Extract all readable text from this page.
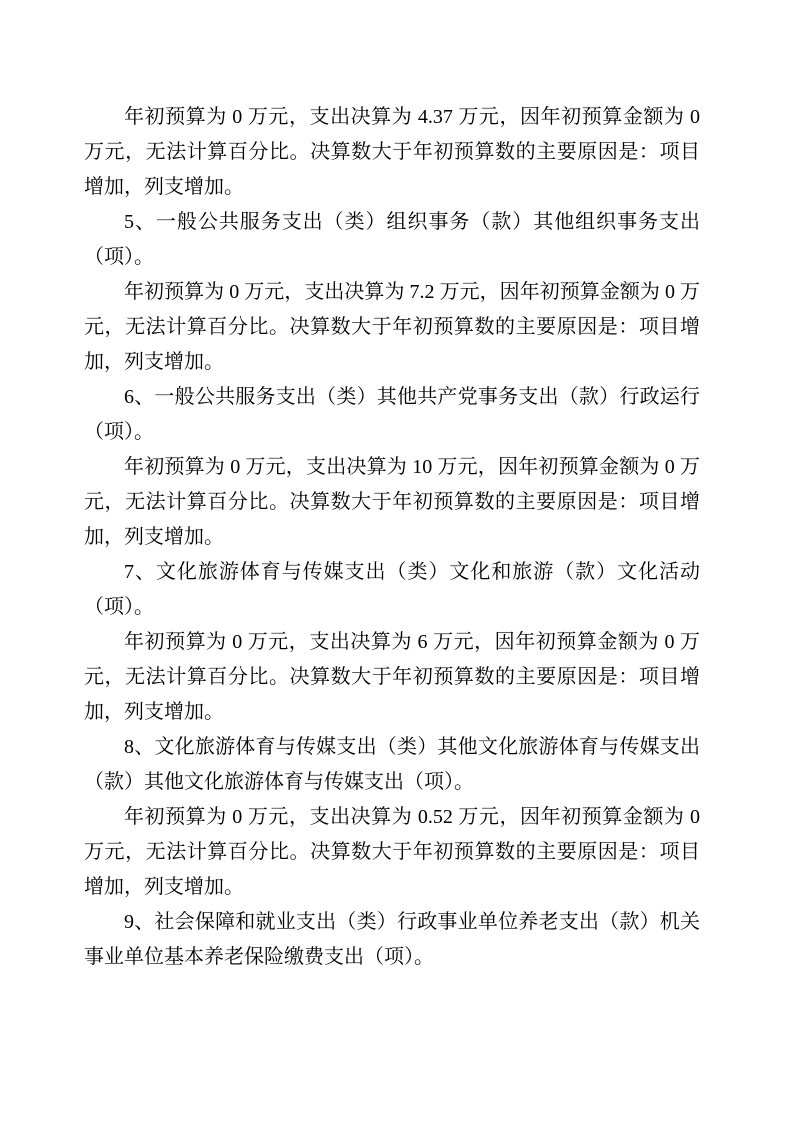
年初预算为 0 万元，支出决算为 4.37 万元，因年初预算金额为 0 万元，无法计算百分比。决算数大于年初预算数的主要原因是：项目增加，列支增加。

5、一般公共服务支出（类）组织事务（款）其他组织事务支出（项）。

年初预算为 0 万元，支出决算为 7.2 万元，因年初预算金额为 0 万元，无法计算百分比。决算数大于年初预算数的主要原因是：项目增加，列支增加。

6、一般公共服务支出（类）其他共产党事务支出（款）行政运行（项）。

年初预算为 0 万元，支出决算为 10 万元，因年初预算金额为 0 万元，无法计算百分比。决算数大于年初预算数的主要原因是：项目增加，列支增加。

7、文化旅游体育与传媒支出（类）文化和旅游（款）文化活动（项）。

年初预算为 0 万元，支出决算为 6 万元，因年初预算金额为 0 万元，无法计算百分比。决算数大于年初预算数的主要原因是：项目增加，列支增加。

8、文化旅游体育与传媒支出（类）其他文化旅游体育与传媒支出（款）其他文化旅游体育与传媒支出（项）。

年初预算为 0 万元，支出决算为 0.52 万元，因年初预算金额为 0 万元，无法计算百分比。决算数大于年初预算数的主要原因是：项目增加，列支增加。

9、社会保障和就业支出（类）行政事业单位养老支出（款）机关事业单位基本养老保险缴费支出（项）。
